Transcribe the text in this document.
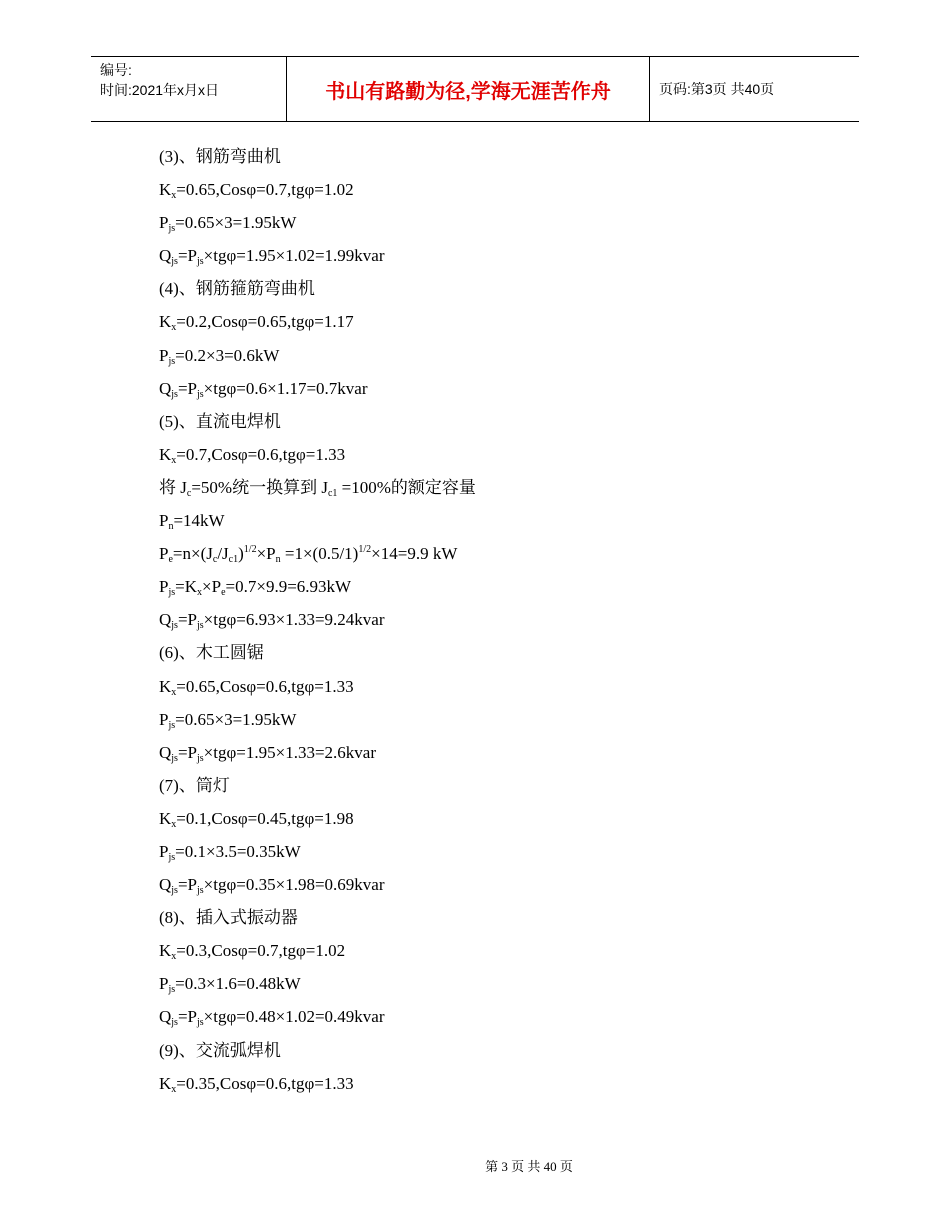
编号:
时间:2021年x月x日	书山有路勤为径,学海无涯苦作舟	页码:第3页 共40页
(3)、钢筋弯曲机
$K_x=0.65,Cos\varphi=0.7,tg\varphi=1.02$
$P_{js}=0.65\times 3=1.95kW$
$Q_{js}=P_{js}\times tg\varphi=1.95\times 1.02=1.99kvar$
(4)、钢筋箍筋弯曲机
$K_x=0.2,Cos\varphi=0.65,tg\varphi=1.17$
$P_{js}=0.2\times 3=0.6kW$
$Q_{js}=P_{js}\times tg\varphi=0.6\times 1.17=0.7kvar$
(5)、直流电焊机
$K_x=0.7,Cos\varphi=0.6,tg\varphi=1.33$
将 $J_c=50\%$统一换算到 $J_{c1} =100\%$的额定容量
$P_n=14kW$
$P_e=n\times(J_c/J_{c1})^{1/2}\times P_n =1\times(0.5/1)^{1/2}\times 14=9.9$ kW
$P_{js}=K_x\times P_e=0.7\times 9.9=6.93kW$
$Q_{js}=P_{js}\times tg\varphi=6.93\times 1.33=9.24kvar$
(6)、木工圆锯
$K_x=0.65,Cos\varphi=0.6,tg\varphi=1.33$
$P_{js}=0.65\times 3=1.95kW$
$Q_{js}=P_{js}\times tg\varphi=1.95\times 1.33=2.6kvar$
(7)、筒灯
$K_x=0.1,Cos\varphi=0.45,tg\varphi=1.98$
$P_{js}=0.1\times 3.5=0.35kW$
$Q_{js}=P_{js}\times tg\varphi=0.35\times 1.98=0.69kvar$
(8)、插入式振动器
$K_x=0.3,Cos\varphi=0.7,tg\varphi=1.02$
$P_{js}=0.3\times 1.6=0.48kW$
$Q_{js}=P_{js}\times tg\varphi=0.48\times 1.02=0.49kvar$
(9)、交流弧焊机
$K_x=0.35,Cos\varphi=0.6,tg\varphi=1.33$
第 3 页 共 40 页
